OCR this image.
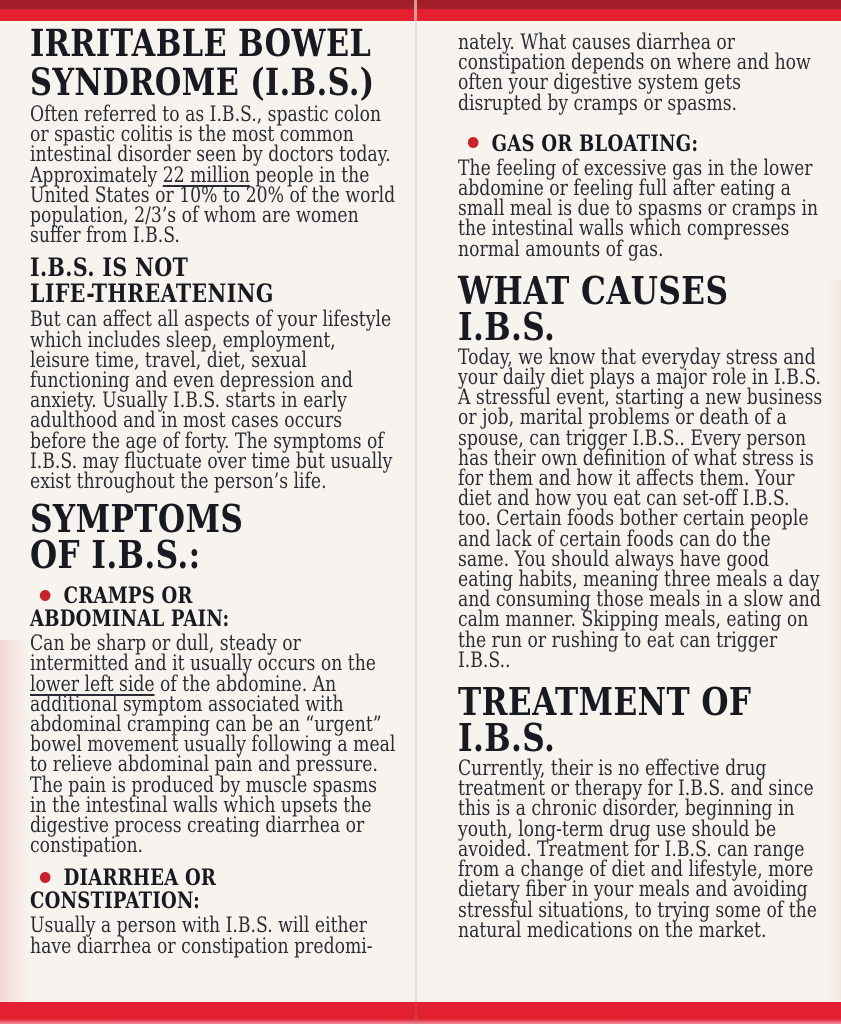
IRRITABLE BOWEL
SYNDROME (I.B.S.)
Often referred to as I.B.S., spastic colon or spastic colitis is the most common intestinal disorder seen by doctors today. Approximately 22 million people in the United States or 10% to 20% of the world population, 2/3’s of whom are women suffer from I.B.S.
I.B.S. IS NOT
LIFE-THREATENING
But can affect all aspects of your lifestyle which includes sleep, employment, leisure time, travel, diet, sexual functioning and even depression and anxiety. Usually I.B.S. starts in early adulthood and in most cases occurs before the age of forty. The symptoms of I.B.S. may fluctuate over time but usually exist throughout the person’s life.
SYMPTOMS
OF I.B.S.:
CRAMPS OR
ABDOMINAL PAIN:
Can be sharp or dull, steady or intermitted and it usually occurs on the lower left side of the abdomine. An additional symptom associated with abdominal cramping can be an “urgent” bowel movement usually following a meal to relieve abdominal pain and pressure. The pain is produced by muscle spasms in the intestinal walls which upsets the digestive process creating diarrhea or constipation.
DIARRHEA OR
CONSTIPATION:
Usually a person with I.B.S. will either have diarrhea or constipation predomi-
nately. What causes diarrhea or constipation depends on where and how often your digestive system gets disrupted by cramps or spasms.
GAS OR BLOATING:
The feeling of excessive gas in the lower abdomine or feeling full after eating a small meal is due to spasms or cramps in the intestinal walls which compresses normal amounts of gas.
WHAT CAUSES
I.B.S.
Today, we know that everyday stress and your daily diet plays a major role in I.B.S. A stressful event, starting a new business or job, marital problems or death of a spouse, can trigger I.B.S.. Every person has their own definition of what stress is for them and how it affects them. Your diet and how you eat can set-off I.B.S. too. Certain foods bother certain people and lack of certain foods can do the same. You should always have good eating habits, meaning three meals a day and consuming those meals in a slow and calm manner. Skipping meals, eating on the run or rushing to eat can trigger I.B.S..
TREATMENT OF
I.B.S.
Currently, their is no effective drug treatment or therapy for I.B.S. and since this is a chronic disorder, beginning in youth, long-term drug use should be avoided. Treatment for I.B.S. can range from a change of diet and lifestyle, more dietary fiber in your meals and avoiding stressful situations, to trying some of the natural medications on the market.
